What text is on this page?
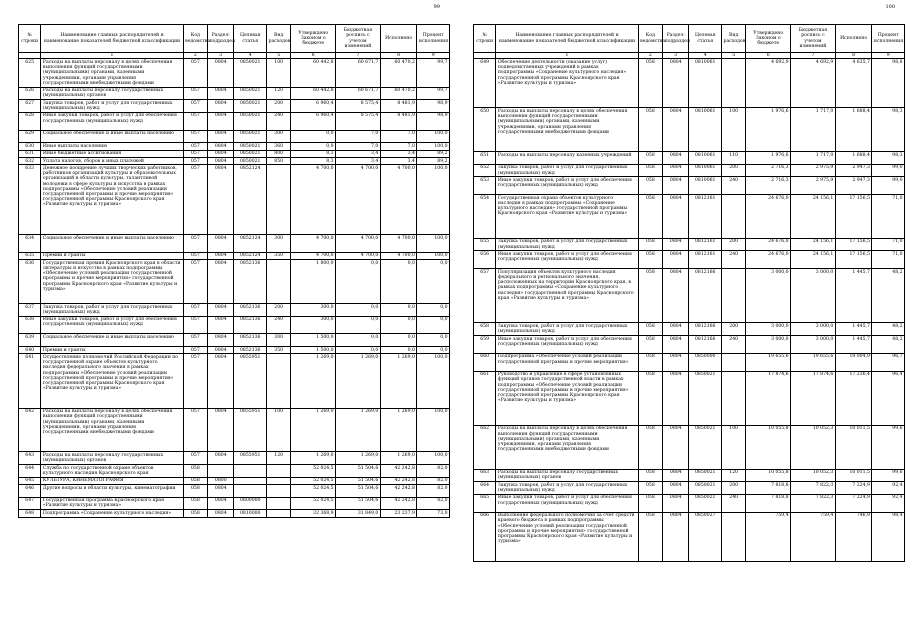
99
№ строки	Наименование главных распорядителей и наименование показателей бюджетной классификации	Код ведомства	Раздел-подраздел	Целевая статья	Вид расходов	Утверждено Законом о бюджете	Бюджетная роспись с учетом изменений	Исполнено	Процент исполнения
	1	2	3	4	5	6	7	8	9
625	Расходы на выплаты персоналу в целях обеспечения выполнения функций государственными (муниципальными) органами, казенными учреждениями, органами управления государственными внебюджетными фондами	057	0804	0850021	100	60 442,8	60 671,7	60 470,2	99,7
626	Расходы на выплаты персоналу государственных (муниципальных) органов	057	0804	0850021	120	60 442,8	60 671,7	60 470,2	99,7
627	Закупка товаров, работ и услуг для государственных (муниципальных) нужд	057	0804	0850021	200	6 960,4	8 575,4	8 481,9	98,9
628	Иные закупки товаров, работ и услуг для обеспечения государственных (муниципальных) нужд	057	0804	0850021	240	6 960,4	8 575,4	8 481,9	98,9
629	Социальное обеспечение и иные выплаты населению	057	0804	0850021	300	0,0	7,0	7,0	100,0
630	Иные выплаты населению	057	0804	0850021	360	0,0	7,0	7,0	100,0
631	Иные бюджетные ассигнования	057	0804	0850021	800	8,3	3,4	3,4	89,2
632	Уплата налогов, сборов и иных платежей	057	0804	0850021	850	8,3	3,4	3,4	89,2
633	Денежное поощрение лучших творческих работников, работников организаций культуры и образовательных организаций в области культуры, талантливой молодежи в сфере культуры и искусства в рамках подпрограммы «Обеспечение условий реализации государственной программы и прочие мероприятия» государственной программы Красноярского края «Развитие культуры и туризма»	057	0804	0852124		4 700,0	4 700,0	4 700,0	100,0
634	Социальное обеспечение и иные выплаты населению	057	0804	0852124	300	4 700,0	4 700,0	4 700,0	100,0
635	Премии и гранты	057	0804	0852124	350	4 700,0	4 700,0	4 700,0	100,0
636	Государственная премия Красноярского края в области литературы и искусства в рамках подпрограммы «Обеспечение условий реализации государственной программы и прочие мероприятия» государственной программы Красноярского края «Развитие культуры и туризма»	057	0804	0852136		1 800,0	0,0	0,0	0,0
637	Закупка товаров, работ и услуг для государственных (муниципальных) нужд	057	0804	0852136	200	300,0	0,0	0,0	0,0
638	Иные закупки товаров, работ и услуг для обеспечения государственных (муниципальных) нужд	057	0804	0852136	240	300,0	0,0	0,0	0,0
639	Социальное обеспечение и иные выплаты населению	057	0804	0852136	300	1 500,0	0,0	0,0	0,0
640	Премии и гранты	057	0804	0852136	350	1 500,0	0,0	0,0	0,0
641	Осуществление полномочий Российской Федерации по государственной охране объектов культурного наследия федерального значения в рамках подпрограммы «Обеспечение условий реализации государственной программы и прочие мероприятия» государственной программы Красноярского края «Развитие культуры и туризма»	057	0804	0855951		1 269,0	1 269,0	1 269,0	100,0
642	Расходы на выплаты персоналу в целях обеспечения выполнения функций государственными (муниципальными) органами, казенными учреждениями, органами управления государственными внебюджетными фондами	057	0804	0855951	100	1 269,0	1 269,0	1 269,0	100,0
643	Расходы на выплаты персоналу государственных (муниципальных) органов	057	0804	0855951	120	1 269,0	1 269,0	1 269,0	100,0
644	Служба по государственной охране объектов культурного наследия Красноярского края	058				52 024,5	51 504,6	42 242,8	82,0
645	КУЛЬТУРА, КИНЕМАТОГРАФИЯ	058	0800			52 024,5	51 504,6	42 242,8	82,0
646	Другие вопросы в области культуры, кинематографии	058	0804			52 024,5	51 504,6	42 242,8	82,0
647	Государственная программа Красноярского края «Развитие культуры и туризма»	058	0804	0800000		52 024,5	51 504,6	42 242,8	82,0
648	Подпрограмма «Сохранение культурного наследия»	058	0804	0810000		32 368,9	31 849,0	23 237,9	73,0
100
№ строки	Наименование главных распорядителей и наименование показателей бюджетной классификации	Код ведомства	Раздел-подраздел	Целевая статья	Вид расходов	Утверждено Законом о бюджете	Бюджетная роспись с учетом изменений	Исполнено	Процент исполнения
	1	2	3	4	5	6	7	8	9
649	Обеспечение деятельности (оказание услуг) подведомственных учреждений в рамках подпрограммы «Сохранение культурного наследия» государственной программы Красноярского края «Развитие культуры и туризма»	058	0804	0810061		4 692,9	4 692,9	4 635,7	98,8
650	Расходы на выплаты персоналу в целях обеспечения выполнения функций государственными (муниципальными) органами, казенными учреждениями, органами управления государственными внебюджетными фондами	058	0804	0810061	100	1 976,6	1 717,0	1 688,4	98,3
651	Расходы на выплаты персоналу казенных учреждений	058	0804	0810061	110	1 976,6	1 717,0	1 688,4	98,3
652	Закупка товаров, работ и услуг для государственных (муниципальных) нужд	058	0804	0810061	200	2 716,3	2 975,9	2 947,3	99,0
653	Иные закупки товаров, работ и услуг для обеспечения государственных (муниципальных) нужд	058	0804	0810061	240	2 716,3	2 975,9	2 947,3	99,0
654	Государственная охрана объектов культурного наследия в рамках подпрограммы «Сохранение культурного наследия» государственной программы Красноярского края «Развитие культуры и туризма»	058	0804	0812161		24 676,0	24 156,1	17 156,5	71,0
655	Закупка товаров, работ и услуг для государственных (муниципальных) нужд	058	0804	0812161	200	24 676,0	24 156,1	17 156,5	71,0
656	Иные закупки товаров, работ и услуг для обеспечения государственных (муниципальных) нужд	058	0804	0812161	240	24 676,0	24 156,1	17 156,5	71,0
657	Популяризация объектов культурного наследия федерального и регионального значения, расположенных на территории Красноярского края, в рамках подпрограммы «Сохранение культурного наследия» государственной программы Красноярского края «Развитие культуры и туризма»	058	0804	0812166		3 000,0	3 000,0	1 445,7	48,2
658	Закупка товаров, работ и услуг для государственных (муниципальных) нужд	058	0804	0812166	200	3 000,0	3 000,0	1 445,7	48,2
659	Иные закупки товаров, работ и услуг для обеспечения государственных (муниципальных) нужд	058	0804	0812166	240	3 000,0	3 000,0	1 445,7	48,2
660	Подпрограмма «Обеспечение условий реализации государственной программы и прочие мероприятия»	058	0804	0850000		19 655,6	19 655,6	19 004,9	96,7
661	Руководство и управление в сфере установленных функций органов государственной власти в рамках подпрограммы «Обеспечение условий реализации государственной программы и прочие мероприятия» государственной программы Красноярского края «Развитие культуры и туризма»	058	0804	0850021		17 874,6	17 874,6	17 236,4	96,4
662	Расходы на выплаты персоналу в целях обеспечения выполнения функций государственными (муниципальными) органами, казенными учреждениями, органами управления государственными внебюджетными фондами	058	0804	0850021	100	10 055,8	10 052,3	10 011,5	99,6
663	Расходы на выплаты персоналу государственных (муниципальных) органов	058	0804	0850021	120	10 055,8	10 052,3	10 011,5	99,6
664	Закупка товаров, работ и услуг для государственных (муниципальных) нужд	058	0804	0850021	200	7 818,8	7 822,3	7 224,9	92,4
665	Иные закупки товаров, работ и услуг для обеспечения государственных (муниципальных) нужд	058	0804	0850021	240	7 818,8	7 822,3	7 224,9	92,4
666	Выполнение федерального полномочия за счет средств краевого бюджета в рамках подпрограммы «Обеспечение условий реализации государственной программы и прочие мероприятия» государственной программы Красноярского края «Развитие культуры и туризма»	058	0804	0850027		759,4	759,4	746,9	98,4
